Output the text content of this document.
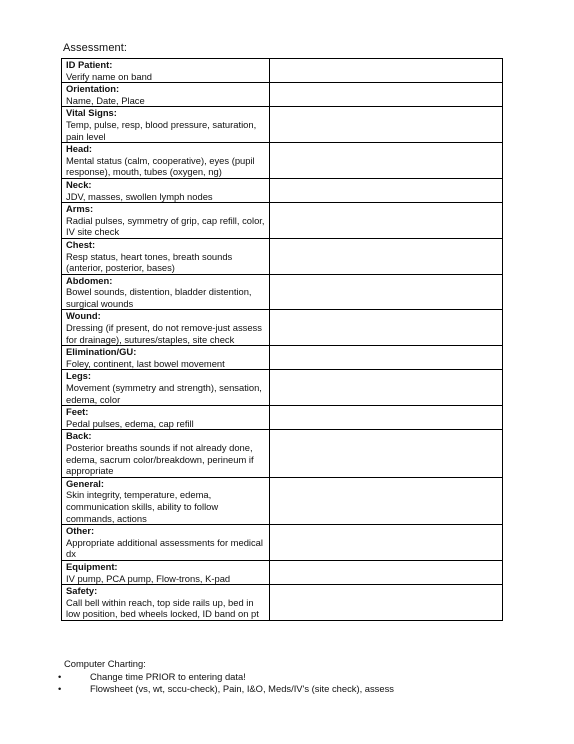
Assessment:
ID Patient:
Verify name on band	

Orientation:
Name, Date, Place	

Vital Signs:
Temp, pulse, resp, blood pressure, saturation, pain level	

Head:
Mental status (calm, cooperative), eyes (pupil response), mouth, tubes (oxygen, ng)	

Neck:
JDV, masses, swollen lymph nodes	

Arms:
Radial pulses, symmetry of grip, cap refill, color, IV site check	

Chest:
Resp status, heart tones, breath sounds (anterior, posterior, bases)	

Abdomen:
Bowel sounds, distention, bladder distention, surgical wounds	

Wound:
Dressing (if present, do not remove-just assess for drainage), sutures/staples, site check	

Elimination/GU:
Foley, continent, last bowel movement	

Legs:
Movement (symmetry and strength), sensation, edema, color	

Feet:
Pedal pulses, edema, cap refill	

Back:
Posterior breaths sounds if not already done, edema, sacrum color/breakdown, perineum if appropriate	

General:
Skin integrity, temperature, edema, communication skills, ability to follow commands, actions	

Other:
Appropriate additional assessments for medical dx	

Equipment:
IV pump, PCA pump, Flow-trons, K-pad	

Safety:
Call bell within reach, top side rails up, bed in low position, bed wheels locked, ID band on pt	

Computer Charting:
•	Change time PRIOR to entering data!
•	Flowsheet (vs, wt, sccu-check), Pain, I&O, Meds/IV's (site check), assess
